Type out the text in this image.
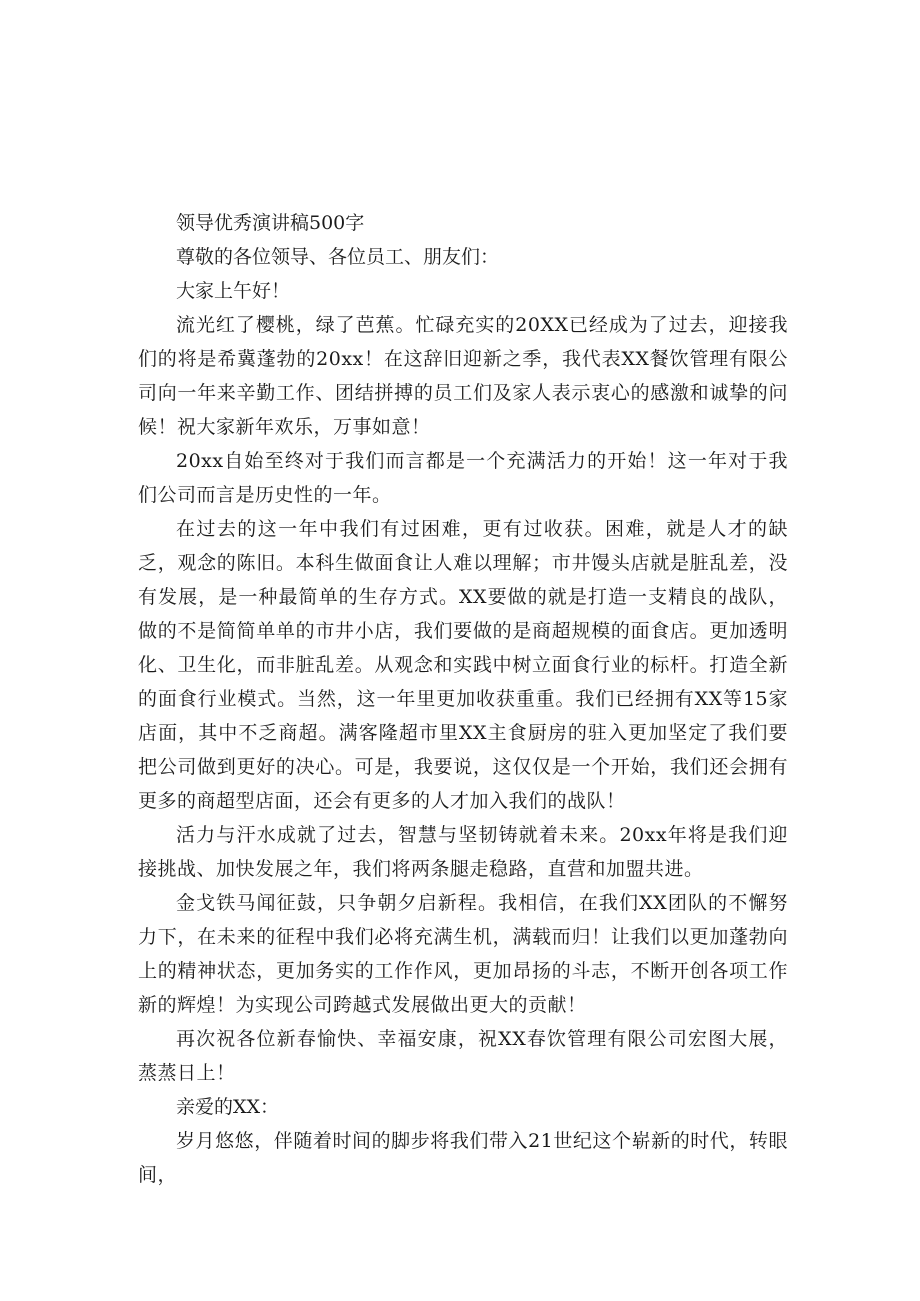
领导优秀演讲稿500字

尊敬的各位领导、各位员工、朋友们：

大家上午好！

流光红了樱桃，绿了芭蕉。忙碌充实的20XX已经成为了过去，迎接我们的将是希冀蓬勃的20xx！在这辞旧迎新之季，我代表XX餐饮管理有限公司向一年来辛勤工作、团结拼搏的员工们及家人表示衷心的感激和诚挚的问候！祝大家新年欢乐，万事如意！

20xx自始至终对于我们而言都是一个充满活力的开始！这一年对于我们公司而言是历史性的一年。

在过去的这一年中我们有过困难，更有过收获。困难，就是人才的缺乏，观念的陈旧。本科生做面食让人难以理解；市井馒头店就是脏乱差，没有发展，是一种最简单的生存方式。XX要做的就是打造一支精良的战队，做的不是简简单单的市井小店，我们要做的是商超规模的面食店。更加透明化、卫生化，而非脏乱差。从观念和实践中树立面食行业的标杆。打造全新的面食行业模式。当然，这一年里更加收获重重。我们已经拥有XX等15家店面，其中不乏商超。满客隆超市里XX主食厨房的驻入更加坚定了我们要把公司做到更好的决心。可是，我要说，这仅仅是一个开始，我们还会拥有更多的商超型店面，还会有更多的人才加入我们的战队！

活力与汗水成就了过去，智慧与坚韧铸就着未来。20xx年将是我们迎接挑战、加快发展之年，我们将两条腿走稳路，直营和加盟共进。

金戈铁马闻征鼓，只争朝夕启新程。我相信，在我们XX团队的不懈努力下，在未来的征程中我们必将充满生机，满载而归！让我们以更加蓬勃向上的精神状态，更加务实的工作作风，更加昂扬的斗志，不断开创各项工作新的辉煌！为实现公司跨越式发展做出更大的贡献！

再次祝各位新春愉快、幸福安康，祝XX春饮管理有限公司宏图大展，蒸蒸日上！

亲爱的XX：

岁月悠悠，伴随着时间的脚步将我们带入21世纪这个崭新的时代，转眼间，
